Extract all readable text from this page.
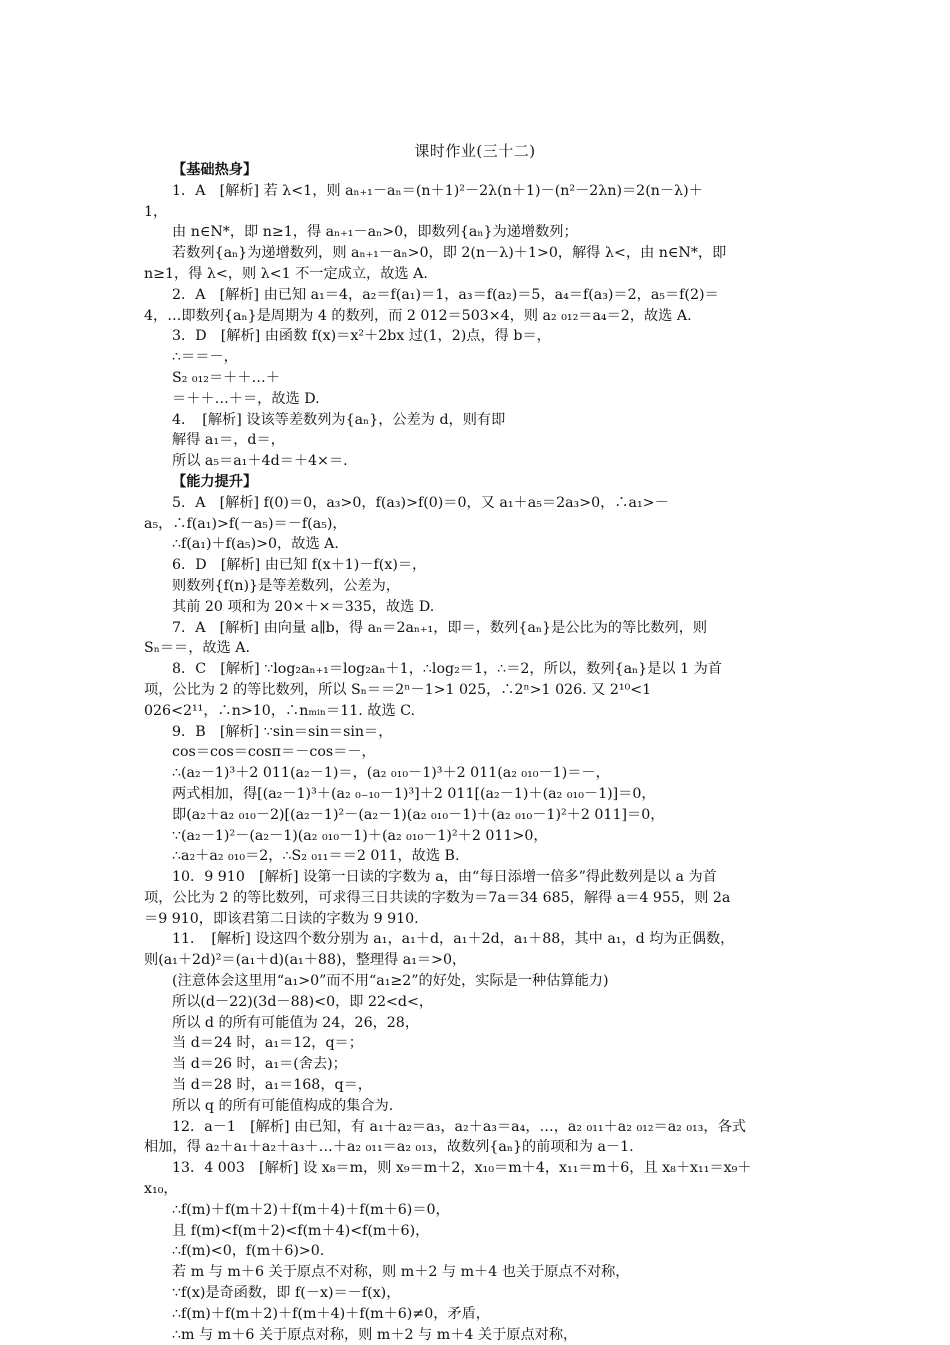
课时作业(三十二)
【基础热身】
1．A　[解析] 若 λ<1，则 aₙ₊₁－aₙ＝(n＋1)²－2λ(n＋1)－(n²－2λn)＝2(n－λ)＋
1，
由 n∈N*，即 n≥1，得 aₙ₊₁－aₙ>0，即数列{aₙ}为递增数列；
若数列{aₙ}为递增数列，则 aₙ₊₁－aₙ>0，即 2(n－λ)＋1>0，解得 λ<，由 n∈N*，即
n≥1，得 λ<，则 λ<1 不一定成立，故选 A.
2．A　[解析] 由已知 a₁＝4，a₂＝f(a₁)＝1，a₃＝f(a₂)＝5，a₄＝f(a₃)＝2，a₅＝f(2)＝
4，…即数列{aₙ}是周期为 4 的数列，而 2 012＝503×4，则 a₂ ₀₁₂＝a₄＝2，故选 A.
3．D　[解析] 由函数 f(x)＝x²＋2bx 过(1，2)点，得 b＝，
∴＝＝－，
S₂ ₀₁₂＝＋＋…＋
＝＋＋…＋＝，故选 D.
4．　[解析] 设该等差数列为{aₙ}，公差为 d，则有即
解得 a₁＝，d＝，
所以 a₅＝a₁＋4d＝＋4×＝.
【能力提升】
5．A　[解析] f(0)＝0，a₃>0，f(a₃)>f(0)＝0，又 a₁＋a₅＝2a₃>0，∴a₁>－
a₅，∴f(a₁)>f(－a₅)＝－f(a₅)，
∴f(a₁)＋f(a₅)>0，故选 A.
6．D　[解析] 由已知 f(x＋1)－f(x)＝，
则数列{f(n)}是等差数列，公差为，
其前 20 项和为 20×＋×＝335，故选 D.
7．A　[解析] 由向量 a∥b，得 aₙ＝2aₙ₊₁，即＝，数列{aₙ}是公比为的等比数列，则
Sₙ＝＝，故选 A.
8．C　[解析] ∵log₂aₙ₊₁＝log₂aₙ＋1，∴log₂＝1，∴＝2，所以，数列{aₙ}是以 1 为首
项，公比为 2 的等比数列，所以 Sₙ＝＝2ⁿ－1>1 025，∴2ⁿ>1 026. 又 2¹⁰<1
026<2¹¹，∴n>10，∴nₘᵢₙ＝11. 故选 C.
9．B　[解析] ∵sin＝sin＝sin＝，
cos＝cos＝cosπ＝－cos＝－，
∴(a₂－1)³＋2 011(a₂－1)＝，(a₂ ₀₁₀－1)³＋2 011(a₂ ₀₁₀－1)＝－，
两式相加，得[(a₂－1)³＋(a₂ ₀₋₁₀－1)³]＋2 011[(a₂－1)＋(a₂ ₀₁₀－1)]＝0，
即(a₂＋a₂ ₀₁₀－2)[(a₂－1)²－(a₂－1)(a₂ ₀₁₀－1)＋(a₂ ₀₁₀－1)²＋2 011]＝0，
∵(a₂－1)²－(a₂－1)(a₂ ₀₁₀－1)＋(a₂ ₀₁₀－1)²＋2 011>0，
∴a₂＋a₂ ₀₁₀＝2，∴S₂ ₀₁₁＝＝2 011，故选 B.
10．9 910　[解析] 设第一日读的字数为 a，由“每日添增一倍多”得此数列是以 a 为首
项，公比为 2 的等比数列，可求得三日共读的字数为＝7a＝34 685，解得 a＝4 955，则 2a
＝9 910，即该君第二日读的字数为 9 910.
11．　[解析] 设这四个数分别为 a₁，a₁＋d，a₁＋2d，a₁＋88，其中 a₁，d 均为正偶数，
则(a₁＋2d)²＝(a₁＋d)(a₁＋88)，整理得 a₁＝>0，
(注意体会这里用“a₁>0”而不用“a₁≥2”的好处，实际是一种估算能力)
所以(d－22)(3d－88)<0，即 22<d<，
所以 d 的所有可能值为 24，26，28，
当 d＝24 时，a₁＝12，q＝；
当 d＝26 时，a₁＝(舍去)；
当 d＝28 时，a₁＝168，q＝，
所以 q 的所有可能值构成的集合为.
12．a－1　[解析] 由已知，有 a₁＋a₂＝a₃，a₂＋a₃＝a₄，…，a₂ ₀₁₁＋a₂ ₀₁₂＝a₂ ₀₁₃，各式
相加，得 a₂＋a₁＋a₂＋a₃＋…＋a₂ ₀₁₁＝a₂ ₀₁₃，故数列{aₙ}的前项和为 a－1.
13．4 003　[解析] 设 x₈＝m，则 x₉＝m＋2，x₁₀＝m＋4，x₁₁＝m＋6，且 x₈＋x₁₁＝x₉＋
x₁₀，
∴f(m)＋f(m＋2)＋f(m＋4)＋f(m＋6)＝0，
且 f(m)<f(m＋2)<f(m＋4)<f(m＋6)，
∴f(m)<0，f(m＋6)>0.
若 m 与 m＋6 关于原点不对称，则 m＋2 与 m＋4 也关于原点不对称，
∵f(x)是奇函数，即 f(－x)＝－f(x)，
∴f(m)＋f(m＋2)＋f(m＋4)＋f(m＋6)≠0，矛盾，
∴m 与 m＋6 关于原点对称，则 m＋2 与 m＋4 关于原点对称，
